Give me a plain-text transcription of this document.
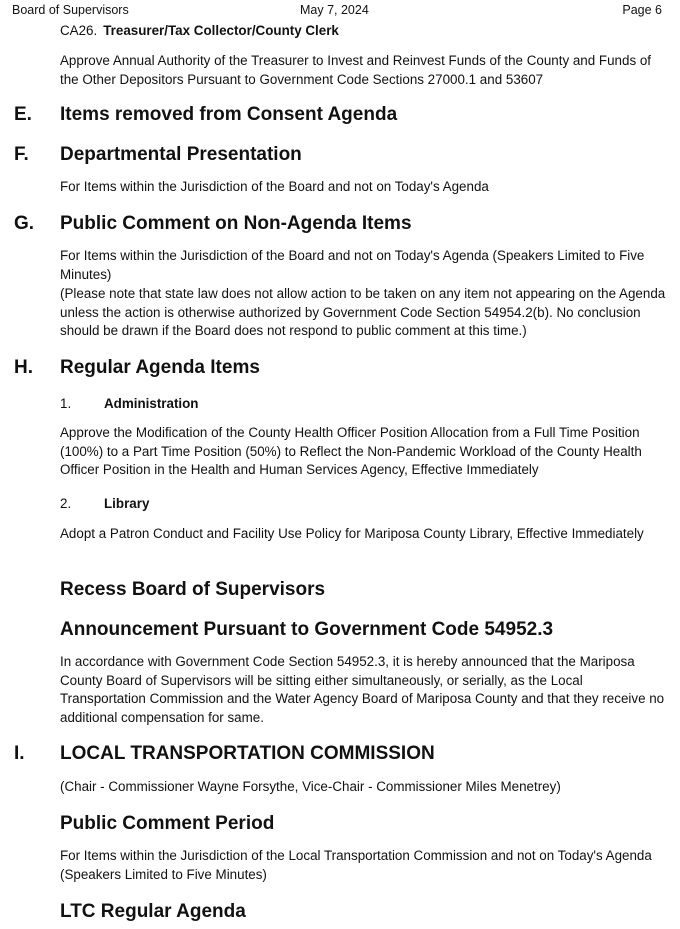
Board of Supervisors	May 7, 2024	Page 6
CA26. Treasurer/Tax Collector/County Clerk
Approve Annual Authority of the Treasurer to Invest and Reinvest Funds of the County and Funds of the Other Depositors Pursuant to Government Code Sections 27000.1 and 53607
E. Items removed from Consent Agenda
F. Departmental Presentation
For Items within the Jurisdiction of the Board and not on Today's Agenda
G. Public Comment on Non-Agenda Items
For Items within the Jurisdiction of the Board and not on Today's Agenda (Speakers Limited to Five Minutes)
(Please note that state law does not allow action to be taken on any item not appearing on the Agenda unless the action is otherwise authorized by Government Code Section 54954.2(b). No conclusion should be drawn if the Board does not respond to public comment at this time.)
H. Regular Agenda Items
1. Administration
Approve the Modification of the County Health Officer Position Allocation from a Full Time Position (100%) to a Part Time Position (50%) to Reflect the Non-Pandemic Workload of the County Health Officer Position in the Health and Human Services Agency, Effective Immediately
2. Library
Adopt a Patron Conduct and Facility Use Policy for Mariposa County Library, Effective Immediately
Recess Board of Supervisors
Announcement Pursuant to Government Code 54952.3
In accordance with Government Code Section 54952.3, it is hereby announced that the Mariposa County Board of Supervisors will be sitting either simultaneously, or serially, as the Local Transportation Commission and the Water Agency Board of Mariposa County and that they receive no additional compensation for same.
I. LOCAL TRANSPORTATION COMMISSION
(Chair - Commissioner Wayne Forsythe, Vice-Chair - Commissioner Miles Menetrey)
Public Comment Period
For Items within the Jurisdiction of the Local Transportation Commission and not on Today's Agenda (Speakers Limited to Five Minutes)
LTC Regular Agenda
